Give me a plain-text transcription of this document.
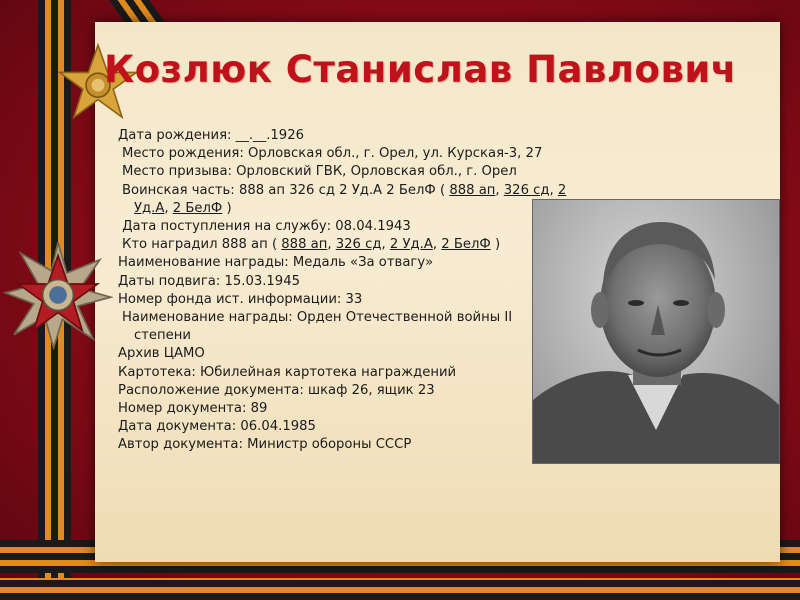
Козлюк Станислав Павлович
Дата рождения: __.__.1926
Место рождения: Орловская обл., г. Орел, ул. Курская-3, 27
Место призыва: Орловский ГВК, Орловская обл., г. Орел
Воинская часть: 888 ап 326 сд 2 Уд.А 2 БелФ ( 888 ап, 326 сд, 2 Уд.А, 2 БелФ )
Дата поступления на службу: 08.04.1943
Кто наградил 888 ап ( 888 ап, 326 сд, 2 Уд.А, 2 БелФ )
Наименование награды: Медаль «За отвагу»
Даты подвига: 15.03.1945
Номер фонда ист. информации: 33
Наименование награды: Орден Отечественной войны II степени
Архив ЦАМО
Картотека: Юбилейная картотека награждений
Расположение документа: шкаф 26, ящик 23
Номер документа: 89
Дата документа: 06.04.1985
Автор документа: Министр обороны СССР
